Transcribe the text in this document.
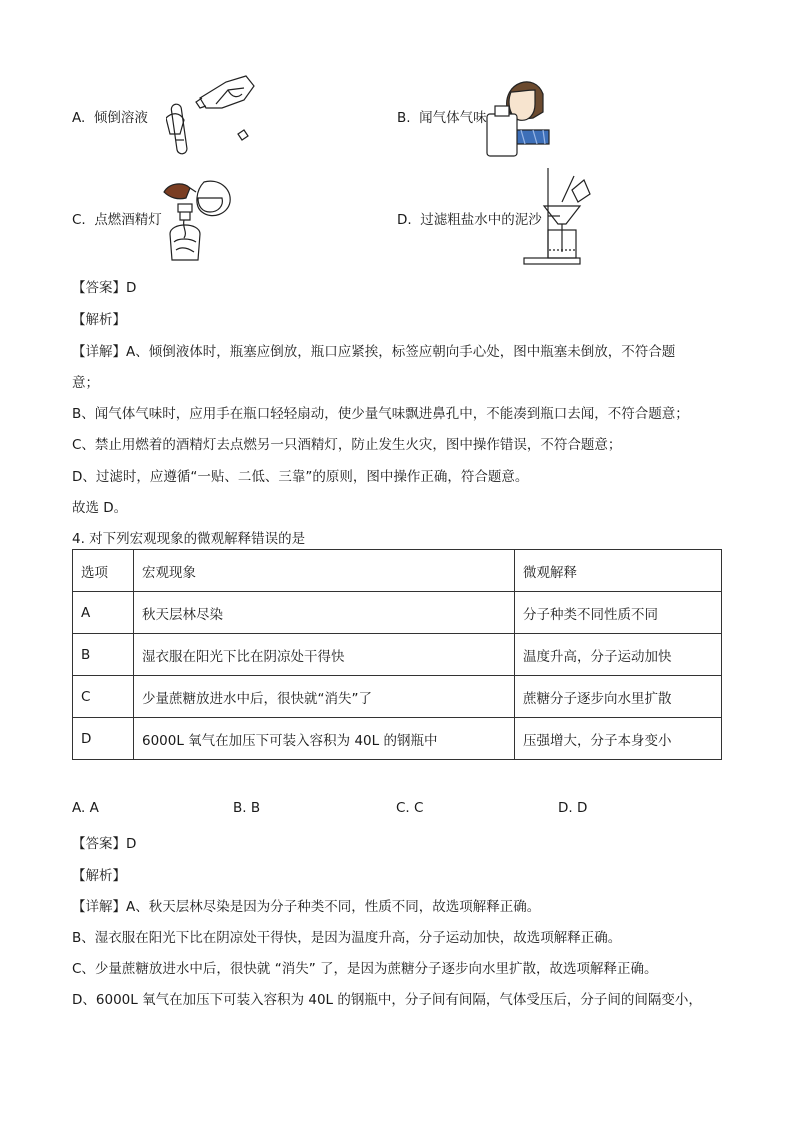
A. 倾倒溶液	B. 闻气体气味
C. 点燃酒精灯	D. 过滤粗盐水中的泥沙
【答案】D
【解析】
【详解】A、倾倒液体时，瓶塞应倒放，瓶口应紧挨，标签应朝向手心处，图中瓶塞未倒放，不符合题
意；
B、闻气体气味时，应用手在瓶口轻轻扇动，使少量气味飘进鼻孔中，不能凑到瓶口去闻，不符合题意；
C、禁止用燃着的酒精灯去点燃另一只酒精灯，防止发生火灾，图中操作错误，不符合题意；
D、过滤时，应遵循“一贴、二低、三靠”的原则，图中操作正确，符合题意。
故选 D。
4. 对下列宏观现象的微观解释错误的是
选项	宏观现象	微观解释
A	秋天层林尽染	分子种类不同性质不同
B	湿衣服在阳光下比在阴凉处干得快	温度升高，分子运动加快
C	少量蔗糖放进水中后，很快就“消失”了	蔗糖分子逐步向水里扩散
D	6000L 氧气在加压下可装入容积为 40L 的钢瓶中	压强增大，分子本身变小
A. A	B. B	C. C	D. D
【答案】D
【解析】
【详解】A、秋天层林尽染是因为分子种类不同，性质不同，故选项解释正确。
B、湿衣服在阳光下比在阴凉处干得快，是因为温度升高，分子运动加快，故选项解释正确。
C、少量蔗糖放进水中后，很快就 “消失” 了，是因为蔗糖分子逐步向水里扩散，故选项解释正确。
D、6000L 氧气在加压下可装入容积为 40L 的钢瓶中，分子间有间隔，气体受压后，分子间的间隔变小，
